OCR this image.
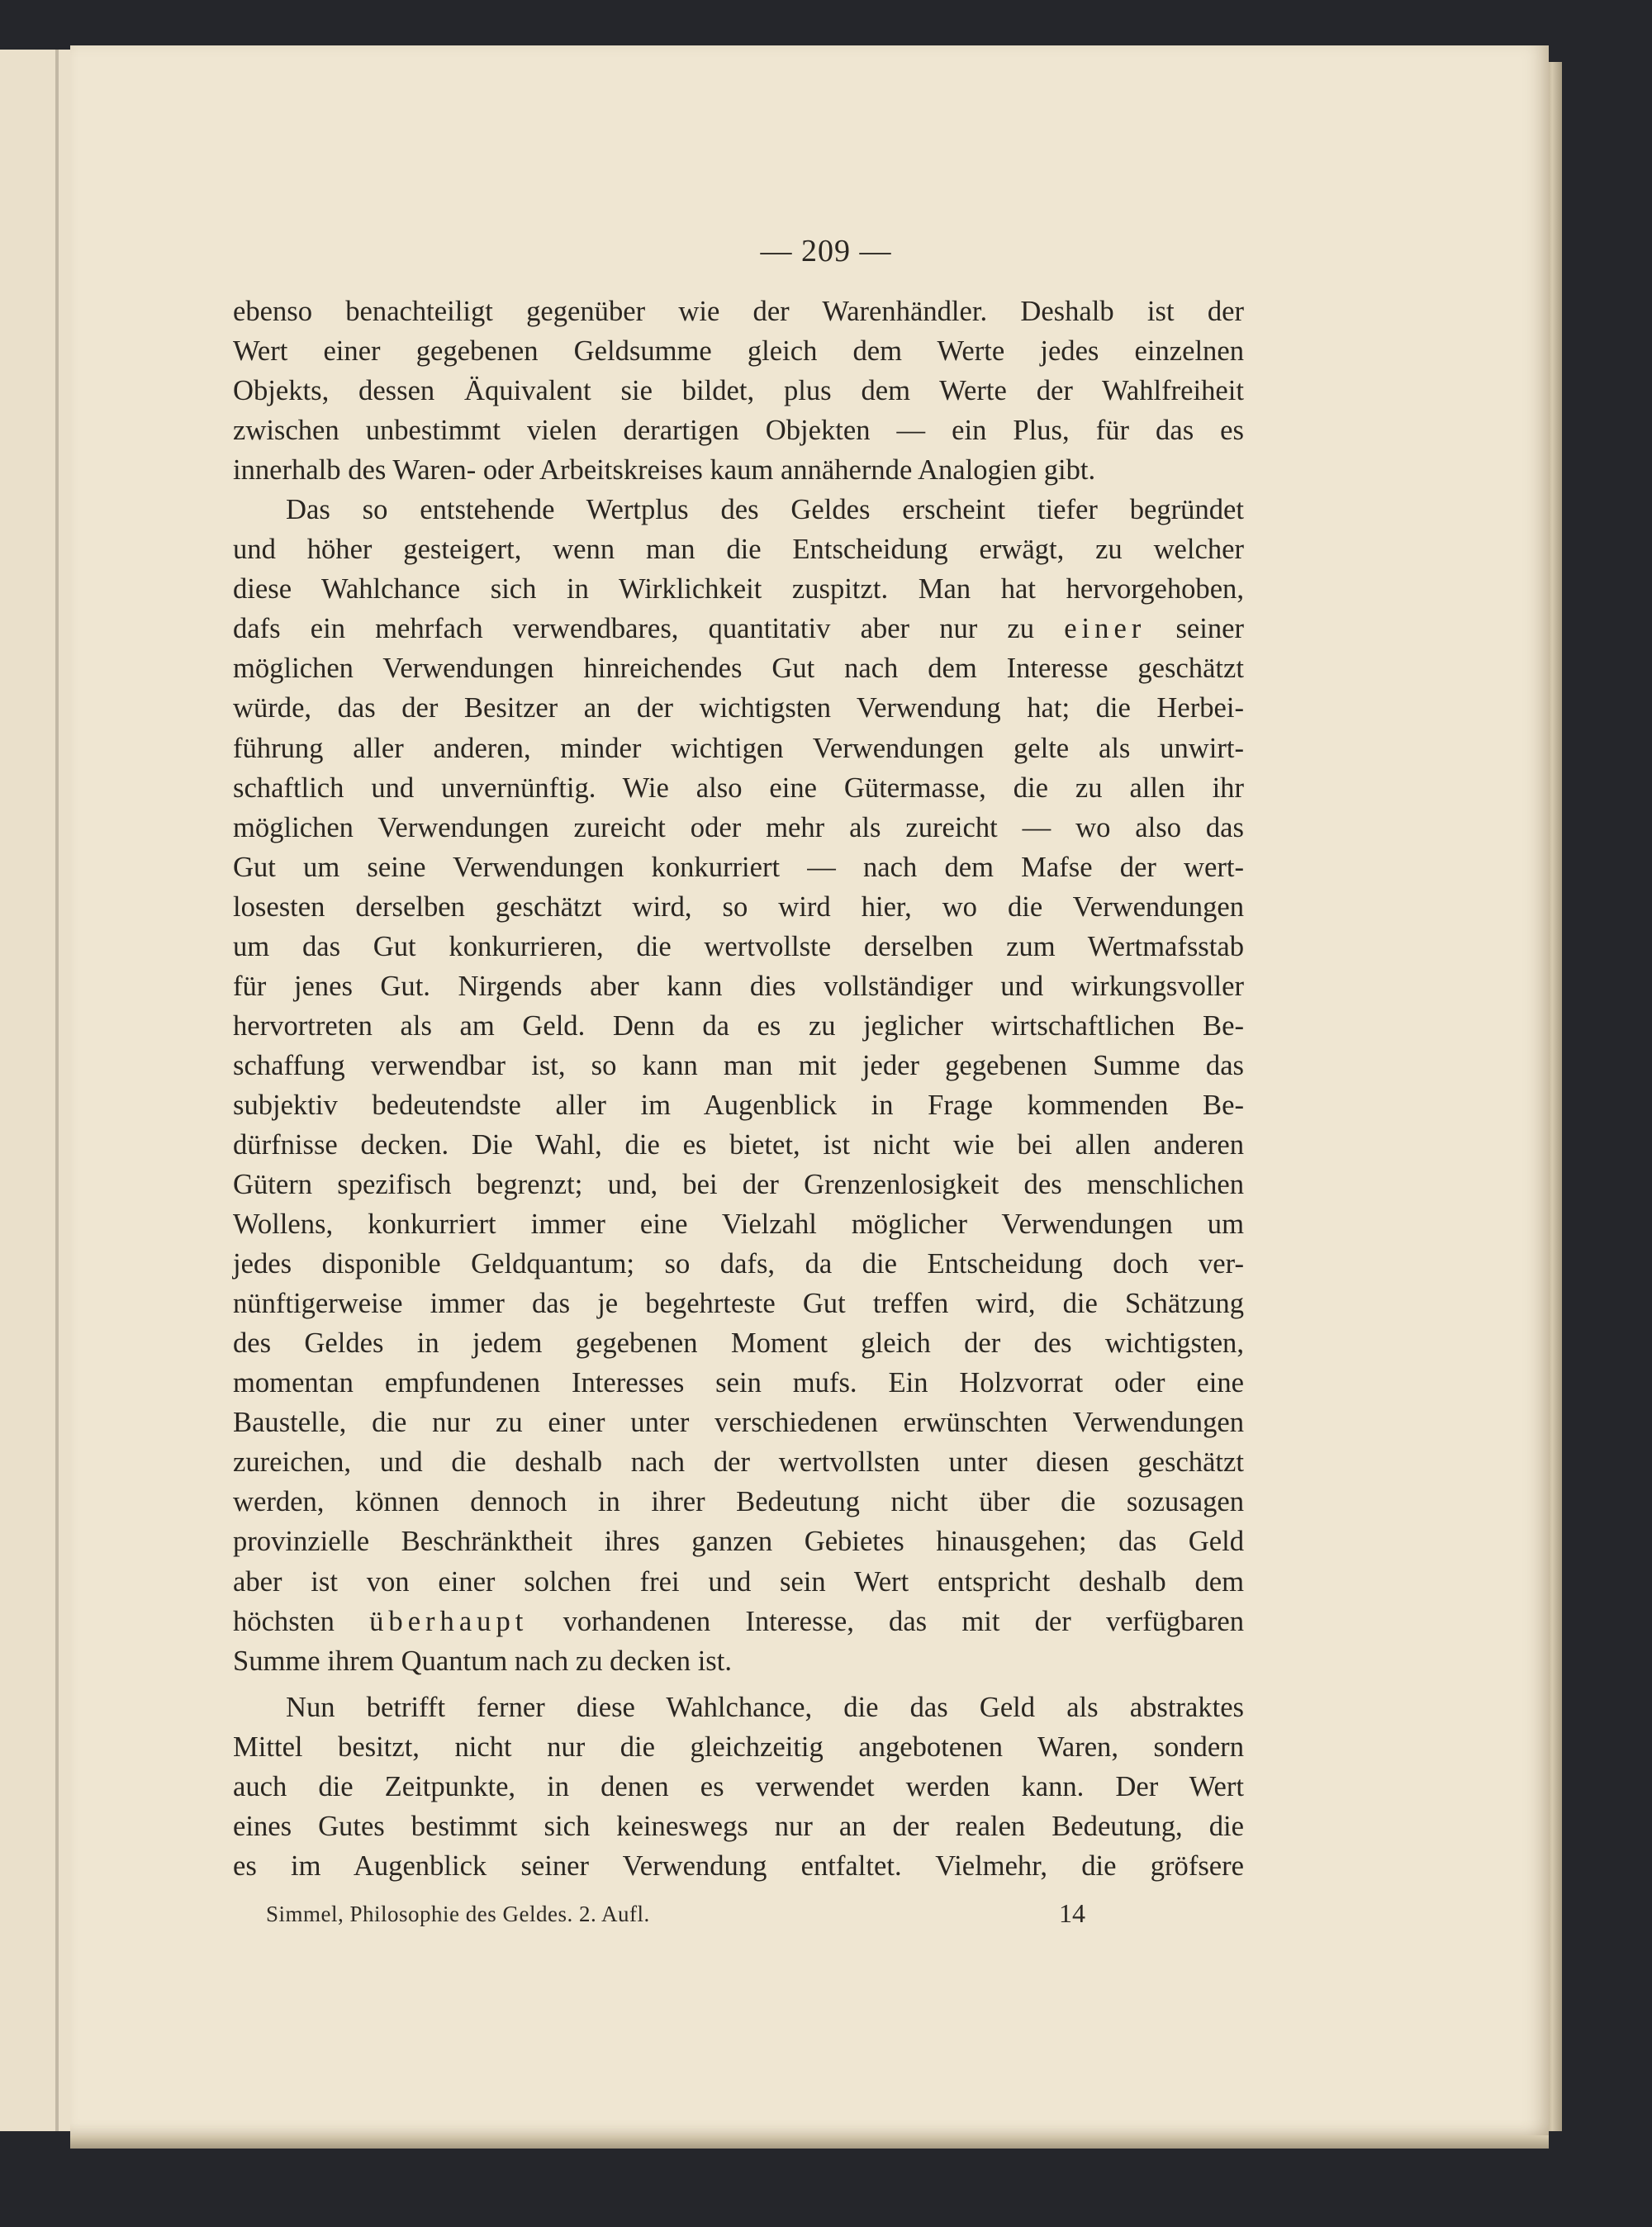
— 209 —
ebenso benachteiligt gegenüber wie der Warenhändler. Deshalb ist der
Wert einer gegebenen Geldsumme gleich dem Werte jedes einzelnen
Objekts, dessen Äquivalent sie bildet, plus dem Werte der Wahlfreiheit
zwischen unbestimmt vielen derartigen Objekten — ein Plus, für das es
innerhalb des Waren- oder Arbeitskreises kaum annähernde Analogien gibt.
Das so entstehende Wertplus des Geldes erscheint tiefer begründet
und höher gesteigert, wenn man die Entscheidung erwägt, zu welcher
diese Wahlchance sich in Wirklichkeit zuspitzt. Man hat hervorgehoben,
dafs ein mehrfach verwendbares, quantitativ aber nur zu einer seiner
möglichen Verwendungen hinreichendes Gut nach dem Interesse geschätzt
würde, das der Besitzer an der wichtigsten Verwendung hat; die Herbei-
führung aller anderen, minder wichtigen Verwendungen gelte als unwirt-
schaftlich und unvernünftig. Wie also eine Gütermasse, die zu allen ihr
möglichen Verwendungen zureicht oder mehr als zureicht — wo also das
Gut um seine Verwendungen konkurriert — nach dem Mafse der wert-
losesten derselben geschätzt wird, so wird hier, wo die Verwendungen
um das Gut konkurrieren, die wertvollste derselben zum Wertmafsstab
für jenes Gut. Nirgends aber kann dies vollständiger und wirkungsvoller
hervortreten als am Geld. Denn da es zu jeglicher wirtschaftlichen Be-
schaffung verwendbar ist, so kann man mit jeder gegebenen Summe das
subjektiv bedeutendste aller im Augenblick in Frage kommenden Be-
dürfnisse decken. Die Wahl, die es bietet, ist nicht wie bei allen anderen
Gütern spezifisch begrenzt; und, bei der Grenzenlosigkeit des menschlichen
Wollens, konkurriert immer eine Vielzahl möglicher Verwendungen um
jedes disponible Geldquantum; so dafs, da die Entscheidung doch ver-
nünftigerweise immer das je begehrteste Gut treffen wird, die Schätzung
des Geldes in jedem gegebenen Moment gleich der des wichtigsten,
momentan empfundenen Interesses sein mufs. Ein Holzvorrat oder eine
Baustelle, die nur zu einer unter verschiedenen erwünschten Verwendungen
zureichen, und die deshalb nach der wertvollsten unter diesen geschätzt
werden, können dennoch in ihrer Bedeutung nicht über die sozusagen
provinzielle Beschränktheit ihres ganzen Gebietes hinausgehen; das Geld
aber ist von einer solchen frei und sein Wert entspricht deshalb dem
höchsten überhaupt vorhandenen Interesse, das mit der verfügbaren
Summe ihrem Quantum nach zu decken ist.
Nun betrifft ferner diese Wahlchance, die das Geld als abstraktes
Mittel besitzt, nicht nur die gleichzeitig angebotenen Waren, sondern
auch die Zeitpunkte, in denen es verwendet werden kann. Der Wert
eines Gutes bestimmt sich keineswegs nur an der realen Bedeutung, die
es im Augenblick seiner Verwendung entfaltet. Vielmehr, die gröfsere
Simmel, Philosophie des Geldes. 2. Aufl.	14
